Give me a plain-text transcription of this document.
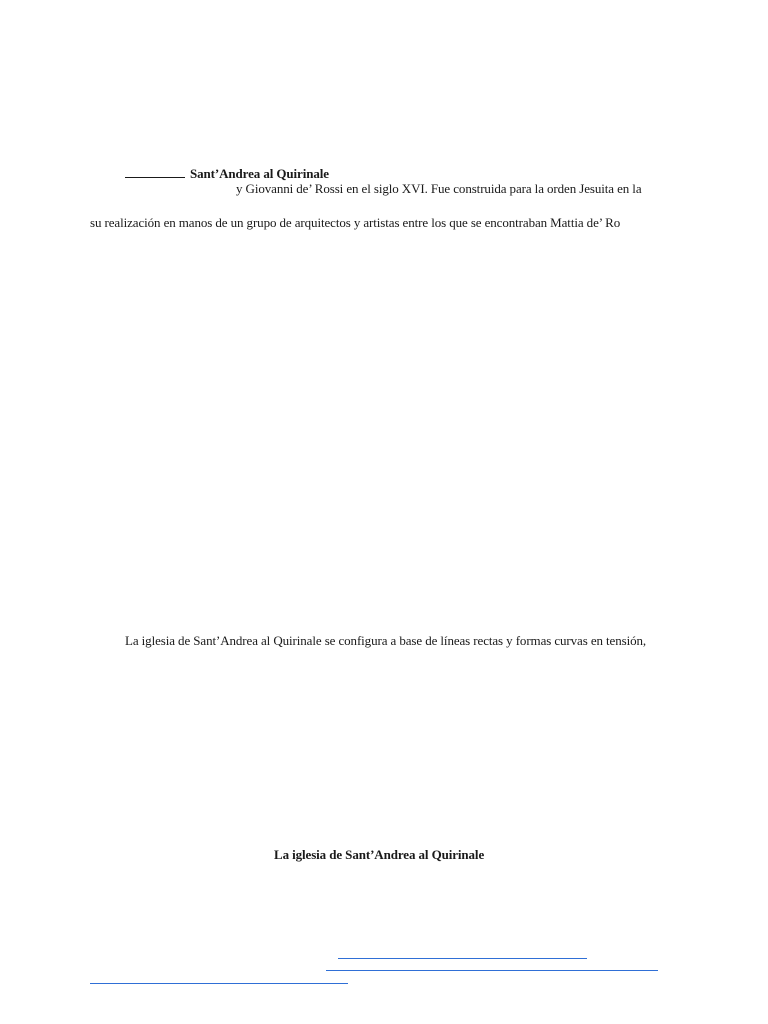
Sant’Andrea al Quirinale
y Giovanni de’ Rossi en el siglo XVI. Fue construida para la orden Jesuita en la
su realización en manos de un grupo de arquitectos y artistas entre los que se encontraban Mattia de’ Ro
La iglesia de Sant’Andrea al Quirinale se configura a base de líneas rectas y formas curvas en tensión,
La iglesia de Sant’Andrea al Quirinale
